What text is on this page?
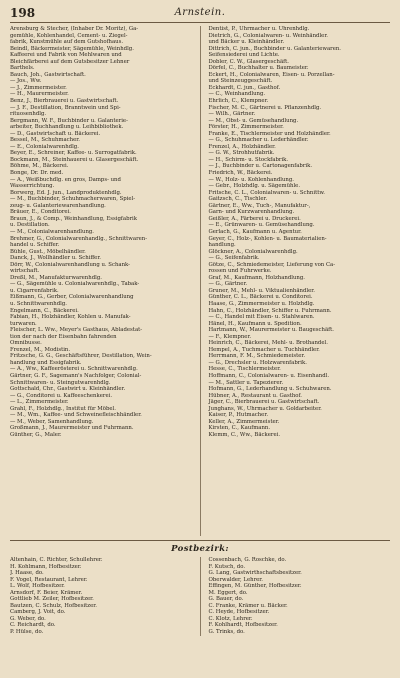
198	Arnstein.
Arensburg & Stecher, (Inhaber Dr. Moritz), Ga-
gemühle, Kohlenhandel, Cement- u. Ziegel-
fabrik, Kunstmühle auf dem Gutshofhaus.
Beindl, Bäckermeister, Sägemühle, Weinhdlg.
Kaffeerei und Fabrik von Mehlwaren und
Bleichfärberei auf dem Gutsbesitzer Lehner
Barthels.
Bauch, Joh., Gastwirtschaft.
— Jos., Ww.
— J., Zimmermeister.
— H., Maurermeister.
Benz, J., Bierbrauerei u. Gastwirtschaft.
— J. F., Destillation, Branntwein und Spi-
rituosenhdlg.
Bergmann, W. F., Buchbinder u. Galanterie-
arbeiter, Buchhandlung u. Leihbibliothek.
— D., Gastwirtschaft u. Bäckerei.
Bessel, M., Schuhmacher.
— E., Colonialwarenhdlg.
Beyer, E., Schreiner, Kaffee- u. Surrogatfabrik.
Bockmann, M., Steinhauerei u. Glasergeschäft.
Böhme, M., Bäckerei.
Bonge, Dr. Dr. med.
— A., Weißbuchdlg. en gros, Damps- und
Wasserrichtung.
Borwerg, Ed. J. jun., Landproduktenhdlg.
— M., Buchbinder, Schuhmacherwaren, Spiel-
zeug- u. Galanteriewarenhandlung.
Bräuer, E., Conditorei.
Braun, J., & Comp., Weinhandlung, Essigfabrik
u. Destillation.
— M., Colonialwarenhandlung.
Brehmer, G., Colonialwarenhandlg., Schnittwaren-
handel u. Schiffer.
Bühle, Gust., Möbelhändler.
Danck, J., Wollhändler u. Schiffer.
Dörr, W., Colonialwarenhandlung u. Schank-
wirtschaft.
Dreßl, M., Manufakturwarenhdlg.
— G., Sägemühle u. Colonialwarenhdlg., Tabak-
u. Cigarrenfabrik.
Eißmann, G., Gerber, Colonialwarenhandlung
u. Schnittwarenhdlg.
Engelmann, C., Bäckerei.
Fabian, H., Holzhändler, Kohlen u. Manufak-
turwaren.
Fleischer, L. Ww., Meyer's Gasthaus, Abladestat-
tion der nach der Eisenbahn fahrenden
Omnibusse.
Frenzel, M., Modistin.
Fritzsche, G. G., Geschäftsführer, Destillation, Wein-
handlung und Essigfabrik.
— A., Ww., Kaffeerösterei u. Schnittwarenhdlg.
Gärtner, G. F., Sagemann's Nachfolger, Colonial-
Schnittwaren- u. Steingutwarenhdlg.
Gottschald, Chr., Gastwirt u. Kleinhändler.
— G., Conditorei u. Kaffeeschenkerei.
— L., Zimmermeister.
Grahl, F., Holzhdlg., Institut für Möbel.
— M., Wm., Kaffee- und Schweinefleischhändler.
— M., Weber, Samenhandlung.
Großmann, J., Maurermeister und Fuhrmann.
Günther, G., Maler.
Dentist, P., Uhrmacher u. Uhrenhdlg.
Dietrich, G., Colonialwaren- u. Weinhändler.
und Bäcker u. Kleinhändler.
Dittrich, C. jun., Buchbinder u. Galanteriewaren.
Seifensiederei und Lichte.
Dobler, C. W., Glasergeschäft.
Dörfel, C., Buchhalter u. Baumeister.
Eckert, H., Colonialwaren, Eisen- u. Porzellan-
und Steinzeuggeschäft.
Eckhardt, C. jun., Gasthof.
— C., Weinhandlung.
Ehrlich, C., Klempner.
Fischer, M. C., Gärtnerei u. Pflanzenhdlg.
— Wilh., Gärtner.
— M., Obst- u. Gemüsehandlung.
Förster, H., Zimmermeister.
Franke, E., Tischlermeister und Holzhändler.
— G., Schuhmacher u. Lederhändler.
Frenzel, A., Holzhändler.
— G. W., Strohhutfabrik.
— H., Schirm- u. Stockfabrik.
— J., Buchbinder u. Cartonagenfabrik.
Friedrich, W., Bäckerei.
— W., Holz- u. Kohlenhandlung.
— Gebr., Holzhdlg. u. Sägemühle.
Fritsche, C. L., Colonialwaren- u. Schnittw.
Gaitzsch, C., Tischler.
Gärtner, E., Ww., Tuch-, Manufaktur-,
Garn- und Kurzwarenhandlung.
Geißler, A., Färberei u. Druckerei.
— E., Grünwaren- u. Gemüsehandlung.
Gerlach, G., Kaufmann u. Agentur.
Geyer, C., Holz-, Kohlen- u. Baumaterialien-
handlung.
Glöckner, A., Colonialwarenhdlg.
— G., Seifenfabrik.
Götze, C., Schmiedemeister, Lieferung von Ca-
rossen und Fuhrwerke.
Graf, M., Kaufmann, Holzhandlung.
— G., Gärtner.
Gruner, M., Mehl- u. Viktualienhändler.
Günther, C. L., Bäckerei u. Conditorei.
Haase, G., Zimmermeister u. Holzhdlg.
Hahn, C., Holzhändler, Schiffer u. Fuhrmann.
— C., Handel mit Eisen- u. Stahlwaren.
Hänel, H., Kaufmann u. Spedition.
Hartmann, W., Maurermeister u. Baugeschäft.
— F., Klempner.
Heinrich, C., Bäckerei, Mehl- u. Brothandel.
Hempel, A., Tuchmacher u. Tuchhändler.
Herrmann, F. M., Schmiedemeister.
— G., Drechsler u. Holzwarenfabrik.
Hesse, C., Tischlermeister.
Hoffmann, C., Colonialwaren- u. Eisenhandl.
— M., Sattler u. Tapezierer.
Hofmann, G., Lederhandlung u. Schuhwaren.
Hübner, A., Restaurant u. Gasthof.
Jäger, C., Bierbrauerei u. Gastwirtschaft.
Junghans, W., Uhrmacher u. Goldarbeiter.
Kaiser, P., Hutmacher.
Keller, A., Zimmermeister.
Kirsten, C., Kaufmann.
Klemm, C., Ww., Bäckerei.
Postbezirk:
Altenhain, C. Richter, Schullehrer.
H. Kohlmann, Hofbesitzer.
J. Haase, do.
F. Vogel, Restaurant, Lehrer.
L. Wolf, Hofbesitzer.
Arnsdorf, F. Beier, Krämer.
Gottlieb M. Zeiler, Hofbesitzer.
Bautzen, C. Schulz, Hofbesitzer.
Camberg, J. Voit, do.
G. Weber, do.
C. Reichardt, do.
P. Hülse, do.
Cossenbach, G. Roschke, do.
F. Kutsch, do.
G. Lang, Gastwirthschaftsbesitzer.
Oberwalder, Lehrer.
Effingen, M. Günther, Hofbesitzer.
M. Eggert, do.
G. Bauer, do.
C. Franke, Krämer u. Bäcker.
C. Heyde, Hofbesitzer.
C. Klotz, Lehrer.
F. Kohlhardt, Hofbesitzer.
G. Trinks, do.
